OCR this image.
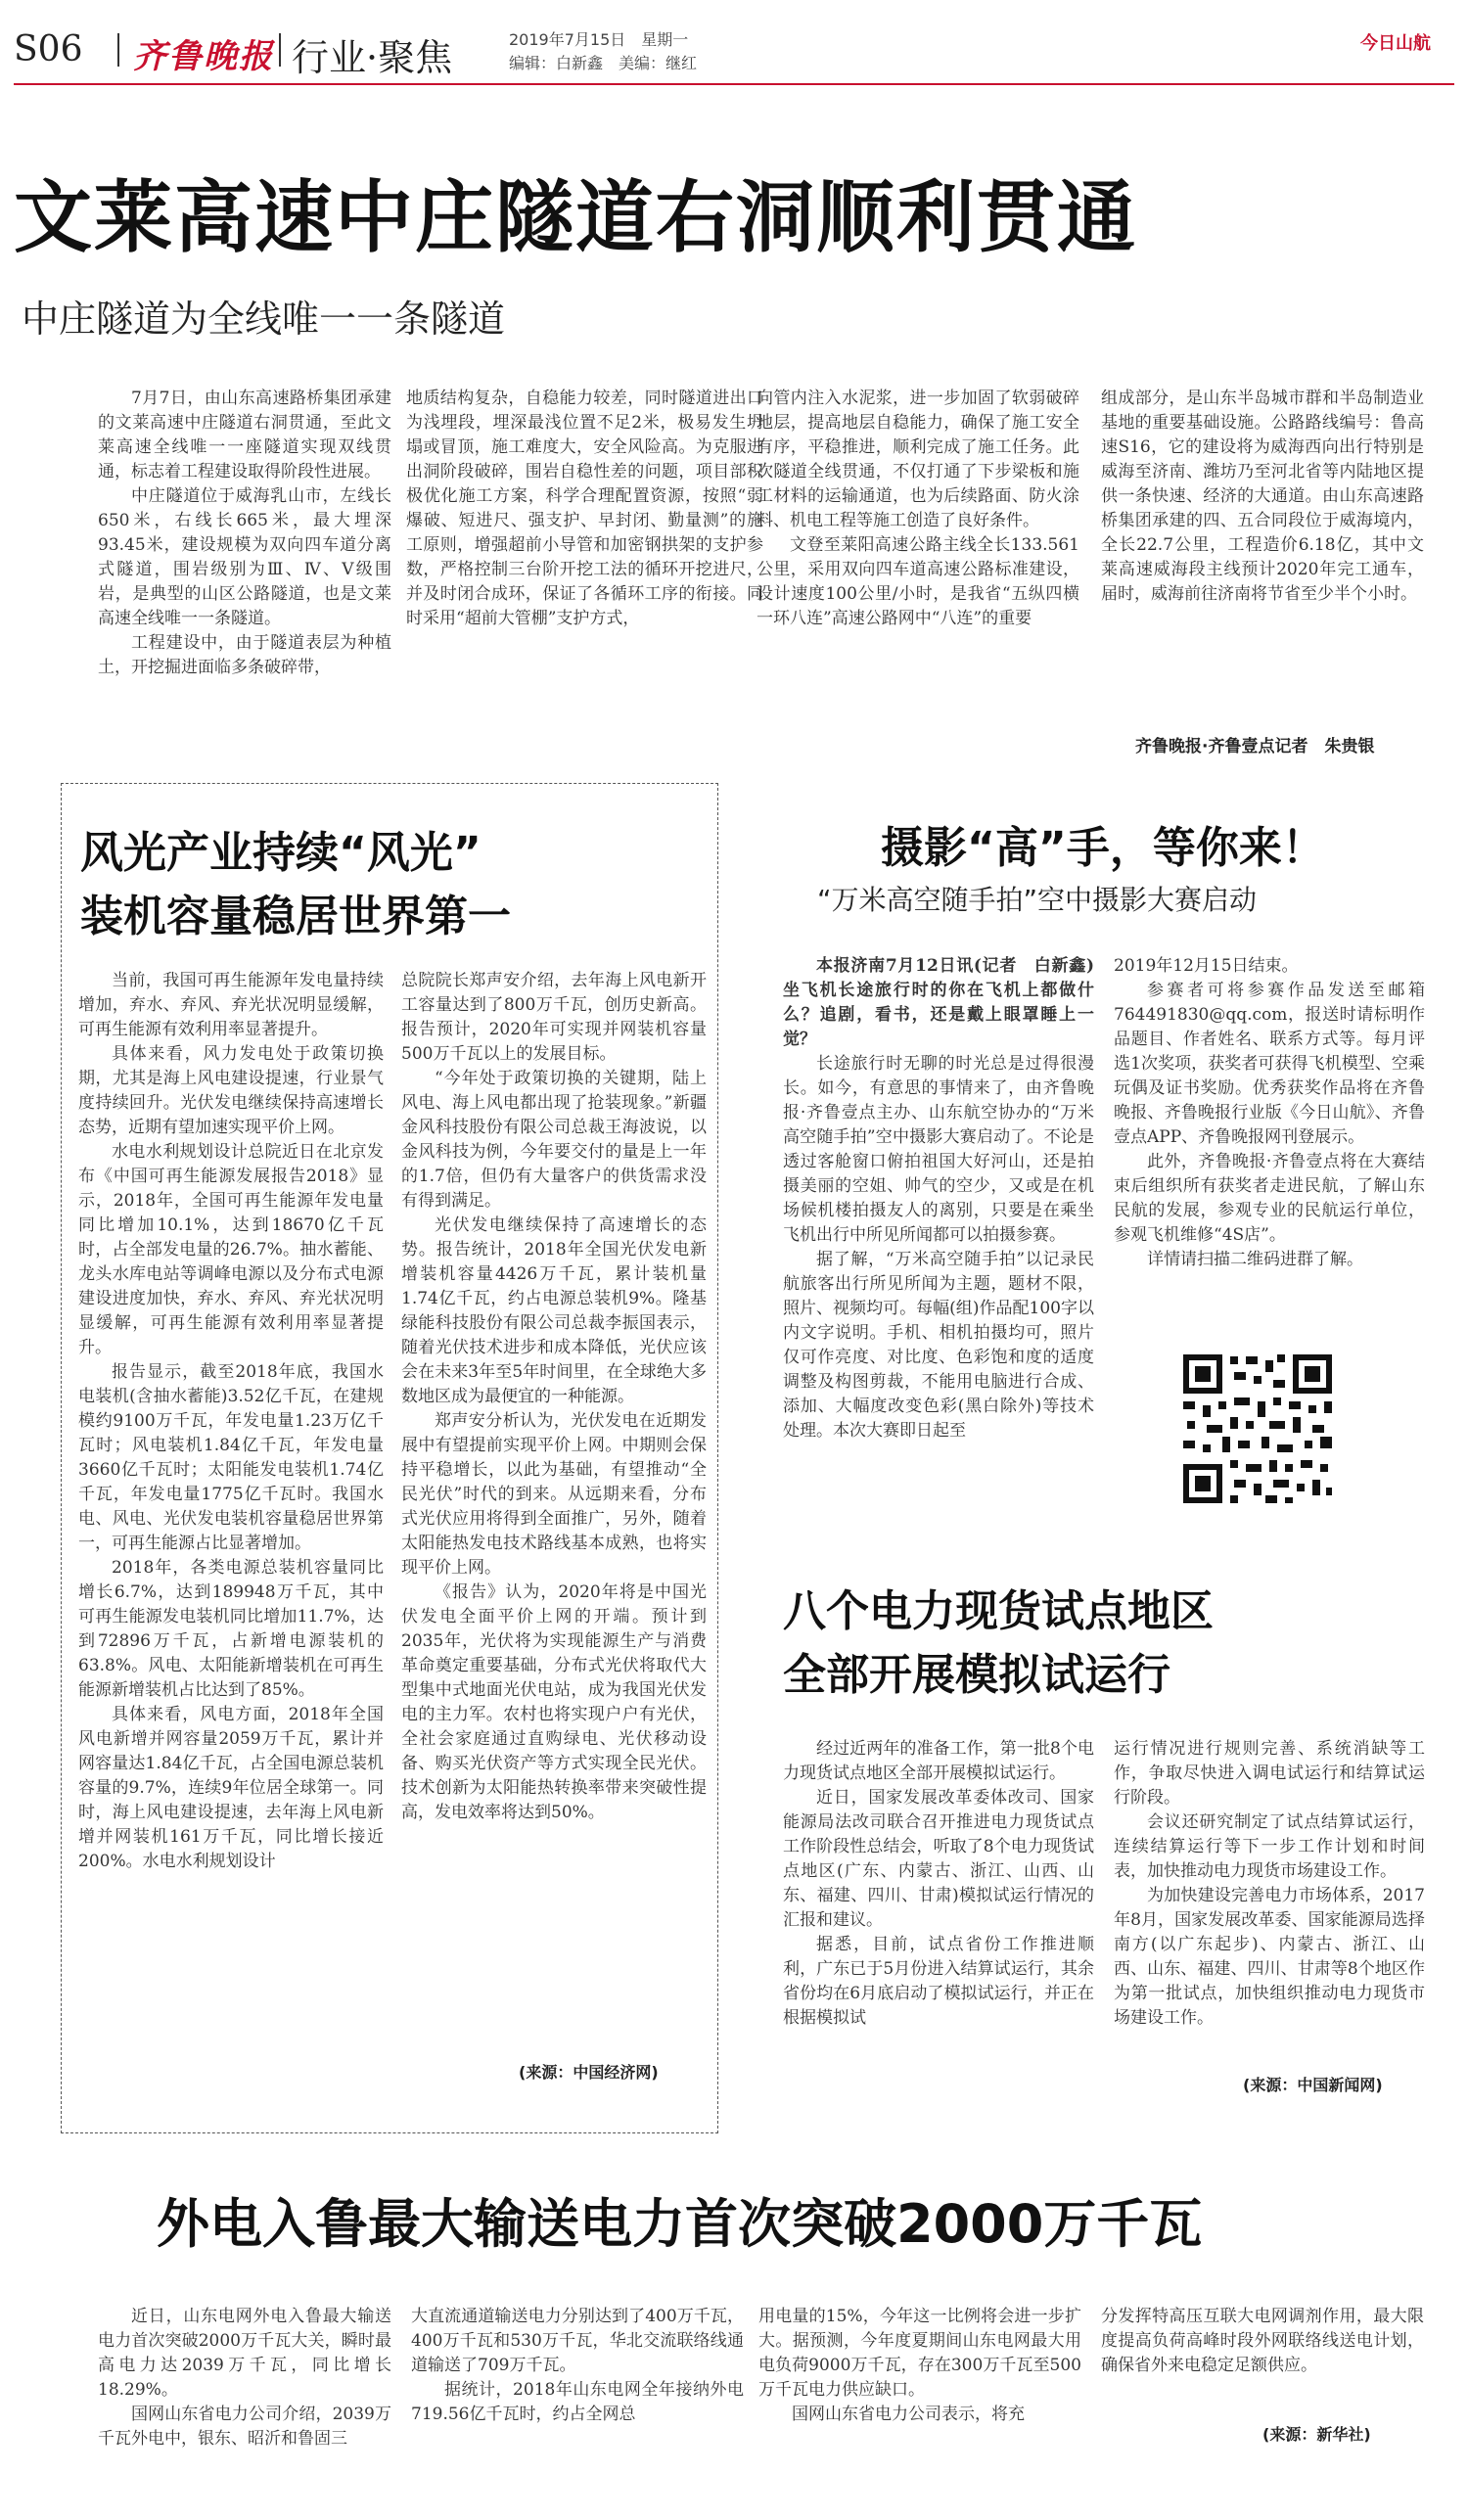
S06 齐鲁晚报 行业·聚焦	2019年7月15日　星期一
编辑：白新鑫　美编：继红
今日山航
文莱高速中庄隧道右洞顺利贯通
中庄隧道为全线唯一一条隧道

7月7日，由山东高速路桥集团承建的文莱高速中庄隧道右洞贯通，至此文莱高速全线唯一一座隧道实现双线贯通，标志着工程建设取得阶段性进展。

中庄隧道位于威海乳山市，左线长650米，右线长665米，最大埋深93.45米，建设规模为双向四车道分离式隧道，围岩级别为Ⅲ、Ⅳ、Ⅴ级围岩，是典型的山区公路隧道，也是文莱高速全线唯一一条隧道。

工程建设中，由于隧道表层为种植土，开挖掘进面临多条破碎带，

地质结构复杂，自稳能力较差，同时隧道进出口为浅埋段，埋深最浅位置不足2米，极易发生坍塌或冒顶，施工难度大，安全风险高。为克服进出洞阶段破碎，围岩自稳性差的问题，项目部积极优化施工方案，科学合理配置资源，按照“弱爆破、短进尺、强支护、早封闭、勤量测”的施工原则，增强超前小导管和加密钢拱架的支护参数，严格控制三台阶开挖工法的循环开挖进尺，并及时闭合成环，保证了各循环工序的衔接。同时采用“超前大管棚”支护方式，

向管内注入水泥浆，进一步加固了软弱破碎地层，提高地层自稳能力，确保了施工安全有序，平稳推进，顺利完成了施工任务。此次隧道全线贯通，不仅打通了下步梁板和施工材料的运输通道，也为后续路面、防火涂料、机电工程等施工创造了良好条件。

文登至莱阳高速公路主线全长133.561公里，采用双向四车道高速公路标准建设，设计速度100公里/小时，是我省“五纵四横一环八连”高速公路网中“八连”的重要

组成部分，是山东半岛城市群和半岛制造业基地的重要基础设施。公路路线编号：鲁高速S16，它的建设将为威海西向出行特别是威海至济南、潍坊乃至河北省等内陆地区提供一条快速、经济的大通道。由山东高速路桥集团承建的四、五合同段位于威海境内，全长22.7公里，工程造价6.18亿，其中文莱高速威海段主线预计2020年完工通车，届时，威海前往济南将节省至少半个小时。

齐鲁晚报·齐鲁壹点记者　朱贵银
风光产业持续“风光”
装机容量稳居世界第一

当前，我国可再生能源年发电量持续增加，弃水、弃风、弃光状况明显缓解，可再生能源有效利用率显著提升。

具体来看，风力发电处于政策切换期，尤其是海上风电建设提速，行业景气度持续回升。光伏发电继续保持高速增长态势，近期有望加速实现平价上网。

水电水利规划设计总院近日在北京发布《中国可再生能源发展报告2018》显示，2018年，全国可再生能源年发电量同比增加10.1%，达到18670亿千瓦时，占全部发电量的26.7%。抽水蓄能、龙头水库电站等调峰电源以及分布式电源建设进度加快，弃水、弃风、弃光状况明显缓解，可再生能源有效利用率显著提升。

报告显示，截至2018年底，我国水电装机(含抽水蓄能)3.52亿千瓦，在建规模约9100万千瓦，年发电量1.23万亿千瓦时；风电装机1.84亿千瓦，年发电量3660亿千瓦时；太阳能发电装机1.74亿千瓦，年发电量1775亿千瓦时。我国水电、风电、光伏发电装机容量稳居世界第一，可再生能源占比显著增加。

2018年，各类电源总装机容量同比增长6.7%，达到189948万千瓦，其中可再生能源发电装机同比增加11.7%，达到72896万千瓦，占新增电源装机的63.8%。风电、太阳能新增装机在可再生能源新增装机占比达到了85%。

具体来看，风电方面，2018年全国风电新增并网容量2059万千瓦，累计并网容量达1.84亿千瓦，占全国电源总装机容量的9.7%，连续9年位居全球第一。同时，海上风电建设提速，去年海上风电新增并网装机161万千瓦，同比增长接近200%。水电水利规划设计

总院院长郑声安介绍，去年海上风电新开工容量达到了800万千瓦，创历史新高。报告预计，2020年可实现并网装机容量500万千瓦以上的发展目标。

“今年处于政策切换的关键期，陆上风电、海上风电都出现了抢装现象。”新疆金风科技股份有限公司总裁王海波说，以金风科技为例，今年要交付的量是上一年的1.7倍，但仍有大量客户的供货需求没有得到满足。

光伏发电继续保持了高速增长的态势。报告统计，2018年全国光伏发电新增装机容量4426万千瓦，累计装机量1.74亿千瓦，约占电源总装机9%。隆基绿能科技股份有限公司总裁李振国表示，随着光伏技术进步和成本降低，光伏应该会在未来3年至5年时间里，在全球绝大多数地区成为最便宜的一种能源。

郑声安分析认为，光伏发电在近期发展中有望提前实现平价上网。中期则会保持平稳增长，以此为基础，有望推动“全民光伏”时代的到来。从远期来看，分布式光伏应用将得到全面推广，另外，随着太阳能热发电技术路线基本成熟，也将实现平价上网。

《报告》认为，2020年将是中国光伏发电全面平价上网的开端。预计到2035年，光伏将为实现能源生产与消费革命奠定重要基础，分布式光伏将取代大型集中式地面光伏电站，成为我国光伏发电的主力军。农村也将实现户户有光伏，全社会家庭通过直购绿电、光伏移动设备、购买光伏资产等方式实现全民光伏。技术创新为太阳能热转换率带来突破性提高，发电效率将达到50%。

(来源：中国经济网)
摄影“高”手，等你来！
“万米高空随手拍”空中摄影大赛启动

本报济南7月12日讯(记者　白新鑫)　坐飞机长途旅行时的你在飞机上都做什么？追剧，看书，还是戴上眼罩睡上一觉？

长途旅行时无聊的时光总是过得很漫长。如今，有意思的事情来了，由齐鲁晚报·齐鲁壹点主办、山东航空协办的“万米高空随手拍”空中摄影大赛启动了。不论是透过客舱窗口俯拍祖国大好河山，还是拍摄美丽的空姐、帅气的空少，又或是在机场候机楼拍摄友人的离别，只要是在乘坐飞机出行中所见所闻都可以拍摄参赛。

据了解，“万米高空随手拍”以记录民航旅客出行所见所闻为主题，题材不限，照片、视频均可。每幅(组)作品配100字以内文字说明。手机、相机拍摄均可，照片仅可作亮度、对比度、色彩饱和度的适度调整及构图剪裁，不能用电脑进行合成、添加、大幅度改变色彩(黑白除外)等技术处理。本次大赛即日起至

2019年12月15日结束。

参赛者可将参赛作品发送至邮箱764491830@qq.com，报送时请标明作品题目、作者姓名、联系方式等。每月评选1次奖项，获奖者可获得飞机模型、空乘玩偶及证书奖励。优秀获奖作品将在齐鲁晚报、齐鲁晚报行业版《今日山航》、齐鲁壹点APP、齐鲁晚报网刊登展示。

此外，齐鲁晚报·齐鲁壹点将在大赛结束后组织所有获奖者走进民航，了解山东民航的发展，参观专业的民航运行单位，参观飞机维修“4S店”。

详情请扫描二维码进群了解。

八个电力现货试点地区
全部开展模拟试运行

经过近两年的准备工作，第一批8个电力现货试点地区全部开展模拟试运行。

近日，国家发展改革委体改司、国家能源局法改司联合召开推进电力现货试点工作阶段性总结会，听取了8个电力现货试点地区(广东、内蒙古、浙江、山西、山东、福建、四川、甘肃)模拟试运行情况的汇报和建议。

据悉，目前，试点省份工作推进顺利，广东已于5月份进入结算试运行，其余省份均在6月底启动了模拟试运行，并正在根据模拟试

运行情况进行规则完善、系统消缺等工作，争取尽快进入调电试运行和结算试运行阶段。

会议还研究制定了试点结算试运行，连续结算运行等下一步工作计划和时间表，加快推动电力现货市场建设工作。

为加快建设完善电力市场体系，2017年8月，国家发展改革委、国家能源局选择南方(以广东起步)、内蒙古、浙江、山西、山东、福建、四川、甘肃等8个地区作为第一批试点，加快组织推动电力现货市场建设工作。

(来源：中国新闻网)
外电入鲁最大输送电力首次突破2000万千瓦

近日，山东电网外电入鲁最大输送电力首次突破2000万千瓦大关，瞬时最高电力达2039万千瓦，同比增长18.29%。

国网山东省电力公司介绍，2039万千瓦外电中，银东、昭沂和鲁固三

大直流通道输送电力分别达到了400万千瓦，400万千瓦和530万千瓦，华北交流联络线通道输送了709万千瓦。

据统计，2018年山东电网全年接纳外电719.56亿千瓦时，约占全网总

用电量的15%，今年这一比例将会进一步扩大。据预测，今年度夏期间山东电网最大用电负荷9000万千瓦，存在300万千瓦至500万千瓦电力供应缺口。

国网山东省电力公司表示，将充

分发挥特高压互联大电网调剂作用，最大限度提高负荷高峰时段外网联络线送电计划，确保省外来电稳定足额供应。

(来源：新华社)
